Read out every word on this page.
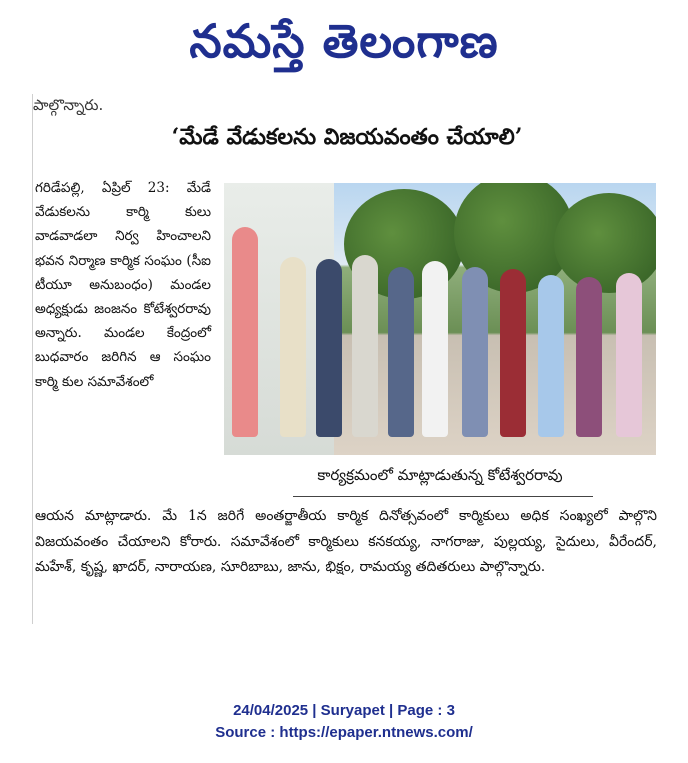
నమస్తే తెలంగాణ
పాల్గొన్నారు.
‘మేడే వేడుకలను విజయవంతం చేయాలి’
గరిడేపల్లి, ఏప్రిల్ 23: మేడే వేడుకలను కార్మి కులు వాడవాడలా నిర్వ హించాలని భవన నిర్మాణ కార్మిక సంఘం (సీఐ టీయూ అనుబంధం) మండల అధ్యక్షుడు జంజనం కోటేశ్వరరావు అన్నారు. మండల కేంద్రంలో బుధవారం జరిగిన ఆ సంఘం కార్మి కుల సమావేశంలో
కార్యక్రమంలో మాట్లాడుతున్న కోటేశ్వరరావు
ఆయన మాట్లాడారు. మే 1న జరిగే అంతర్జాతీయ కార్మిక దినోత్సవంలో కార్మికులు అధిక సంఖ్యలో పాల్గొని విజయవంతం చేయాలని కోరారు. సమావేశంలో కార్మికులు కనకయ్య, నాగరాజు, పుల్లయ్య, సైదులు, వీరేందర్, మహేశ్, కృష్ణ, ఖాదర్, నారాయణ, సూరిబాబు, జాను, భిక్షం, రామయ్య తదితరులు పాల్గొన్నారు.
24/04/2025 | Suryapet | Page : 3
Source : https://epaper.ntnews.com/
